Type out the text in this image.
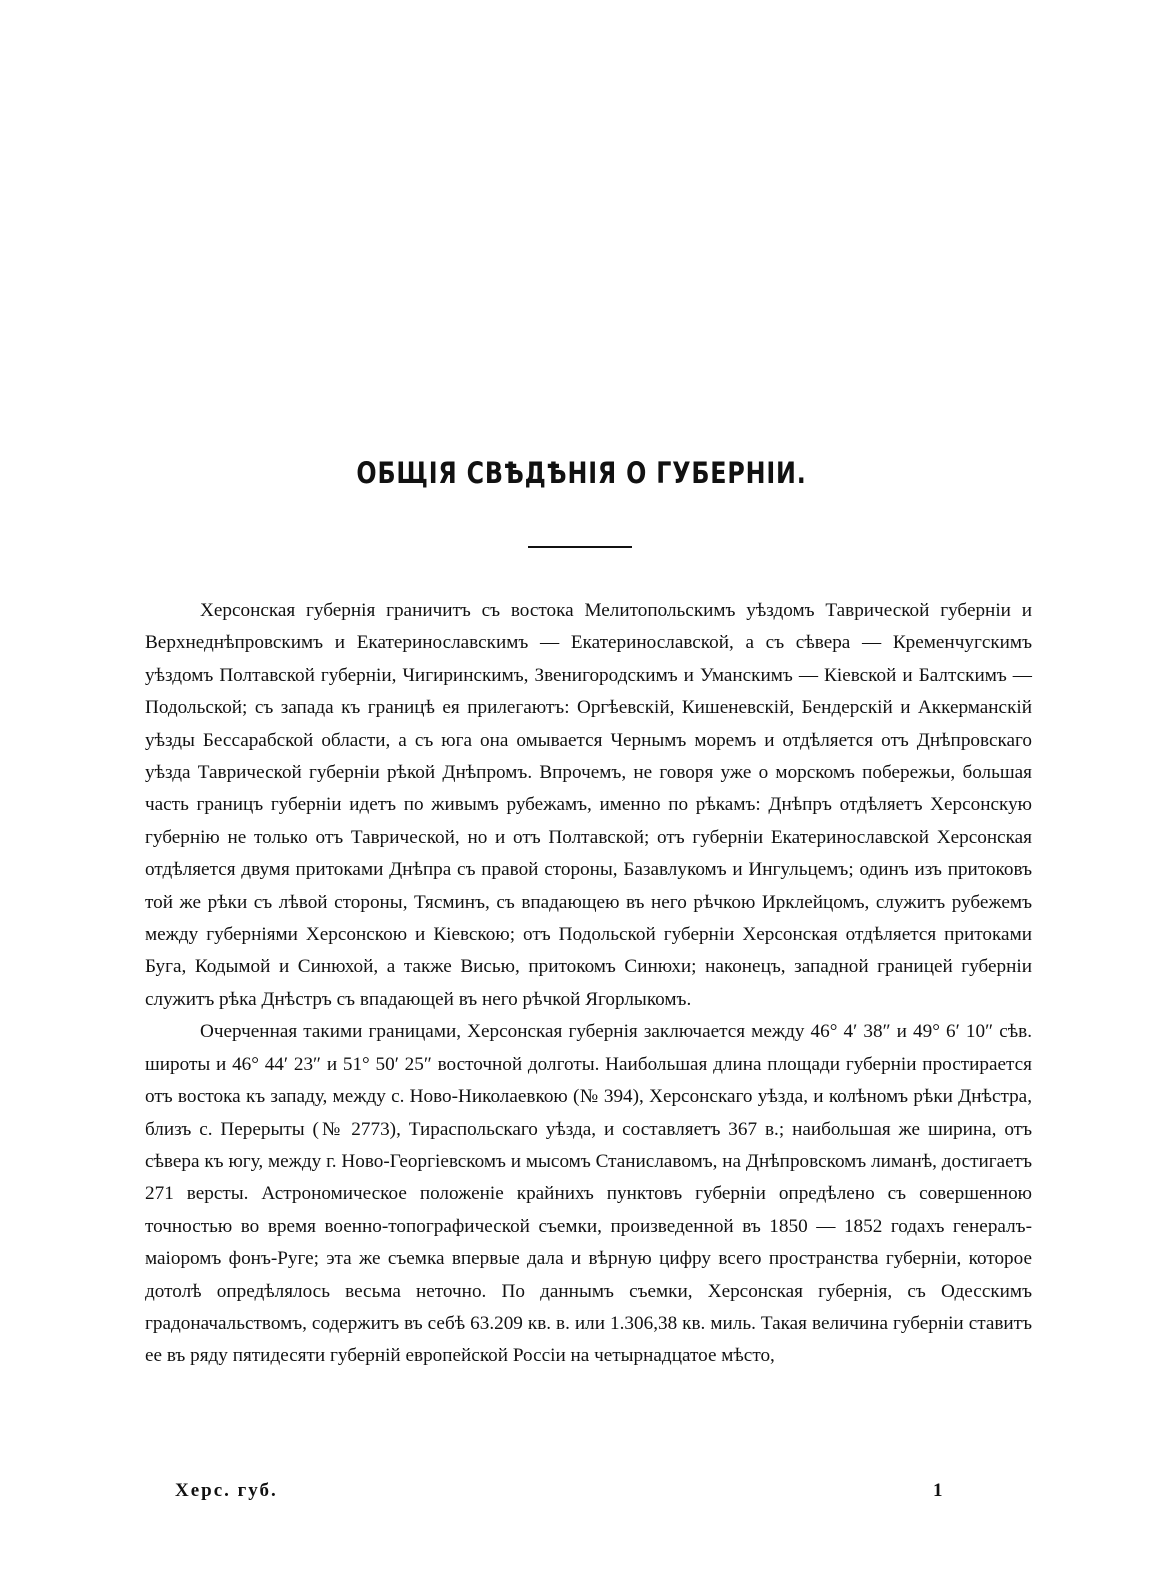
ОБЩІЯ СВѢДѢНІЯ О ГУБЕРНІИ.

Херсонская губернія граничитъ съ востока Мелитопольскимъ уѣздомъ Таврической губерніи и Верхнеднѣпровскимъ и Екатеринославскимъ — Екатеринославской, а съ сѣвера — Кременчугскимъ уѣздомъ Полтавской губерніи, Чигиринскимъ, Звенигородскимъ и Уманскимъ — Кіевской и Балтскимъ — Подольской; съ запада къ границѣ ея прилегаютъ: Оргѣевскій, Кишеневскій, Бендерскій и Аккерманскій уѣзды Бессарабской области, а съ юга она омывается Чернымъ моремъ и отдѣляется отъ Днѣпровскаго уѣзда Таврической губерніи рѣкой Днѣпромъ. Впрочемъ, не говоря уже о морскомъ побережьи, большая часть границъ губерніи идетъ по живымъ рубежамъ, именно по рѣкамъ: Днѣпръ отдѣляетъ Херсонскую губернію не только отъ Таврической, но и отъ Полтавской; отъ губерніи Екатеринославской Херсонская отдѣляется двумя притоками Днѣпра съ правой стороны, Базавлукомъ и Ингульцемъ; одинъ изъ притоковъ той же рѣки съ лѣвой стороны, Тясминъ, съ впадающею въ него рѣчкою Ирклейцомъ, служитъ рубежемъ между губерніями Херсонскою и Кіевскою; отъ Подольской губерніи Херсонская отдѣляется притоками Буга, Кодымой и Синюхой, а также Висью, притокомъ Синюхи; наконецъ, западной границей губерніи служитъ рѣка Днѣстръ съ впадающей въ него рѣчкой Ягорлыкомъ.

Очерченная такими границами, Херсонская губернія заключается между 46° 4′ 38″ и 49° 6′ 10″ сѣв. широты и 46° 44′ 23″ и 51° 50′ 25″ восточной долготы. Наибольшая длина площади губерніи простирается отъ востока къ западу, между с. Ново-Николаевкою (№ 394), Херсонскаго уѣзда, и колѣномъ рѣки Днѣстра, близъ с. Перерыты (№ 2773), Тираспольскаго уѣзда, и составляетъ 367 в.; наибольшая же ширина, отъ сѣвера къ югу, между г. Ново-Георгіевскомъ и мысомъ Станиславомъ, на Днѣпровскомъ лиманѣ, достигаетъ 271 версты. Астрономическое положеніе крайнихъ пунктовъ губерніи опредѣлено съ совершенною точностью во время военно-топографической съемки, произведенной въ 1850 — 1852 годахъ генералъ-маіоромъ фонъ-Руге; эта же съемка впервые дала и вѣрную цифру всего пространства губерніи, которое дотолѣ опредѣлялось весьма неточно. По даннымъ съемки, Херсонская губернія, съ Одесскимъ градоначальствомъ, содержитъ въ себѣ 63.209 кв. в. или 1.306,38 кв. миль. Такая величина губерніи ставитъ ее въ ряду пятидесяти губерній европейской Россіи на четырнадцатое мѣсто,

Херс. губ.	1
